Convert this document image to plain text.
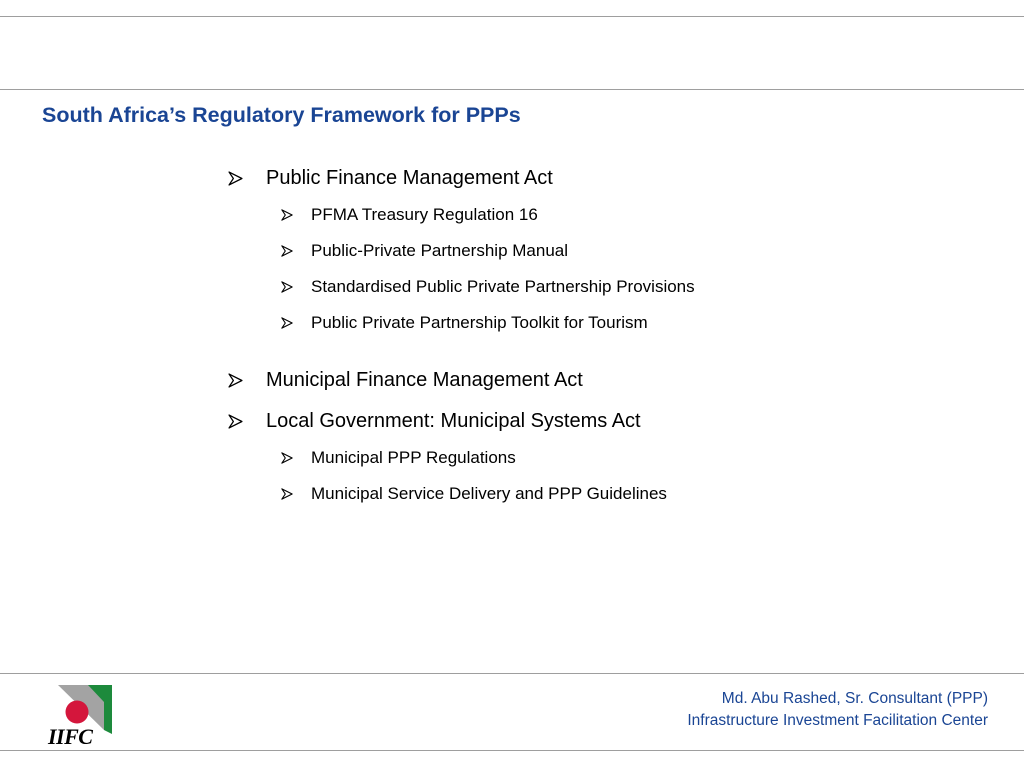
South Africa’s Regulatory Framework for PPPs
Public Finance Management Act
PFMA Treasury Regulation 16
Public-Private Partnership Manual
Standardised Public Private Partnership Provisions
Public Private Partnership Toolkit for Tourism
Municipal Finance Management Act
Local Government: Municipal Systems Act
Municipal PPP Regulations
Municipal Service Delivery and PPP Guidelines
IIFC
Md. Abu Rashed, Sr. Consultant (PPP)
Infrastructure Investment Facilitation Center
